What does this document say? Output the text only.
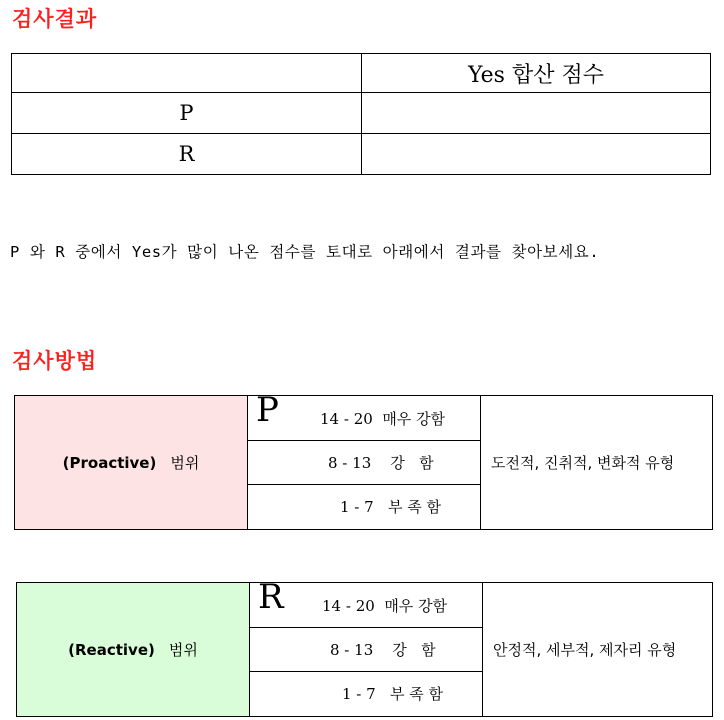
검사결과
	Yes 합산 점수
P	
R	
P 와 R 중에서 Yes가 많이 나온 점수를 토대로 아래에서 결과를 찾아보세요.
검사방법
(Proactive) 범위
P	14 - 20  매우 강함
8 - 13    강   함
1 - 7   부 족 함
도전적, 진취적, 변화적 유형
(Reactive) 범위
R	14 - 20  매우 강함
8 - 13    강   함
1 - 7   부 족 함
안정적, 세부적, 제자리 유형
